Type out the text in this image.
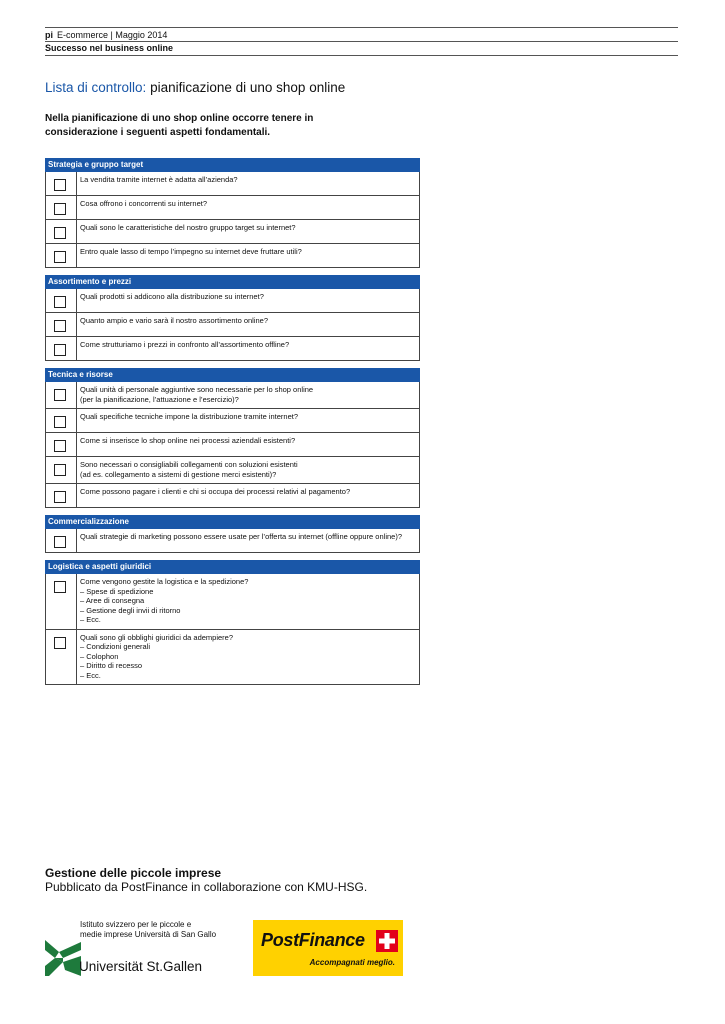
pi E-commerce | Maggio 2014
Successo nel business online
Lista di controllo: pianificazione di uno shop online
Nella pianificazione di uno shop online occorre tenere in considerazione i seguenti aspetti fondamentali.
Strategia e gruppo target
La vendita tramite internet è adatta all’azienda?
Cosa offrono i concorrenti su internet?
Quali sono le caratteristiche del nostro gruppo target su internet?
Entro quale lasso di tempo l’impegno su internet deve fruttare utili?
Assortimento e prezzi
Quali prodotti si addicono alla distribuzione su internet?
Quanto ampio e vario sarà il nostro assortimento online?
Come strutturiamo i prezzi in confronto all’assortimento offline?
Tecnica e risorse
Quali unità di personale aggiuntive sono necessarie per lo shop online
(per la pianificazione, l’attuazione e l’esercizio)?
Quali specifiche tecniche impone la distribuzione tramite internet?
Come si inserisce lo shop online nei processi aziendali esistenti?
Sono necessari o consigliabili collegamenti con soluzioni esistenti
(ad es. collegamento a sistemi di gestione merci esistenti)?
Come possono pagare i clienti e chi si occupa dei processi relativi al pagamento?
Commercializzazione
Quali strategie di marketing possono essere usate per l’offerta su internet (offline oppure online)?
Logistica e aspetti giuridici
Come vengono gestite la logistica e la spedizione?
– Spese di spedizione
– Aree di consegna
– Gestione degli invii di ritorno
– Ecc.
Quali sono gli obblighi giuridici da adempiere?
– Condizioni generali
– Colophon
– Diritto di recesso
– Ecc.
Gestione delle piccole imprese
Pubblicato da PostFinance in collaborazione con KMU-HSG.
Istituto svizzero per le piccole e
medie imprese Università di San Gallo
Universität St.Gallen
PostFinance
Accompagnati meglio.
